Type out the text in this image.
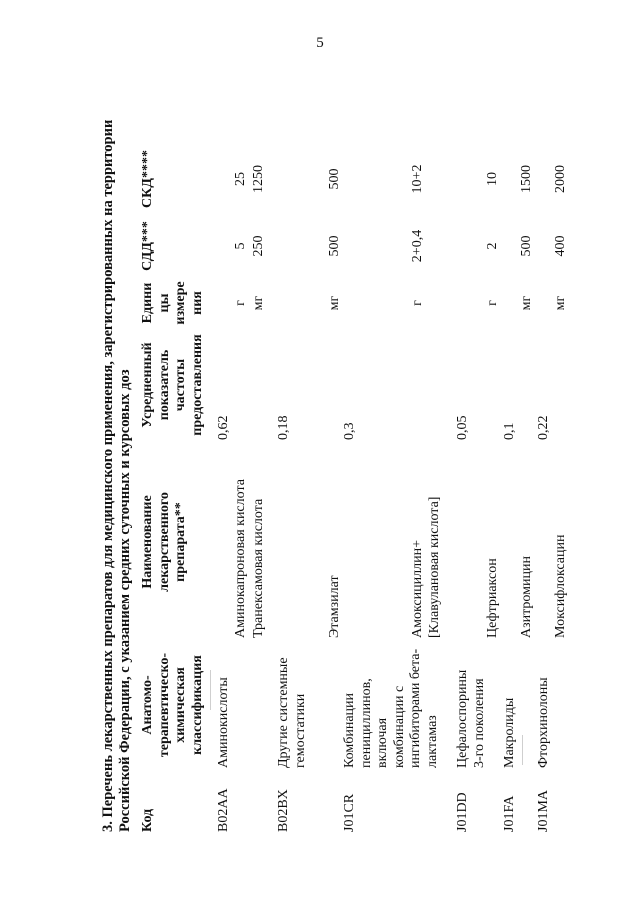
5
3. Перечень лекарственных препаратов для медицинского применения, зарегистрированных на территории Российской Федерации, с указанием средних суточных и курсовых доз Код
Анатомо-
терапевтическо-
химическая
классификация
Наименование лекарственного
препарата**
Усредненный
показатель
частоты
предоставления
Едини
цы
измере
ния
СДД***
СКД****
B02AA
Аминокислоты
0,62
Аминокапроновая кислота
г
5
25
Транексамовая кислота
мг
250
1250
B02BX
Другие системные
гемостатики
0,18
Этамзилат
мг
500
500
J01CR
Комбинации
пенициллинов,
включая
комбинации с
ингибиторами бета-
лактамаз
0,3
Амоксициллин+
[Клавулановая кислота]
г
2+0,4
10+2
J01DD
Цефалоспорины
3-го поколения
0,05
Цефтриаксон
г
2
10
J01FA
Макролиды
0,1
Азитромицин
мг
500
1500
J01MA
Фторхинолоны
0,22
Моксифлоксацин
мг
400
2000
